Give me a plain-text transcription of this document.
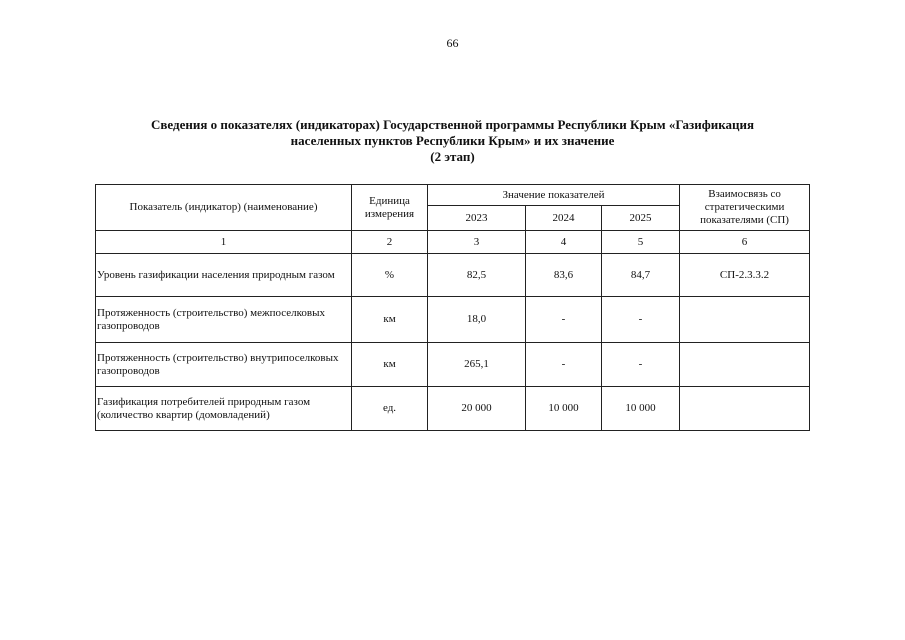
66
Сведения о показателях (индикаторах) Государственной программы Республики Крым «Газификация
населенных пунктов Республики Крым» и их значение
(2 этап)
Показатель (индикатор) (наименование)	Единица измерения	Значение показателей			Взаимосвязь со стратегическими показателями (СП)
		2023	2024	2025	
1	2	3	4	5	6
Уровень газификации населения природным газом	%	82,5	83,6	84,7	СП-2.3.3.2
Протяженность (строительство) межпоселковых газопроводов	км	18,0	-	-	
Протяженность (строительство) внутрипоселковых газопроводов	км	265,1	-	-	
Газификация потребителей природным газом (количество квартир (домовладений)	ед.	20 000	10 000	10 000	
